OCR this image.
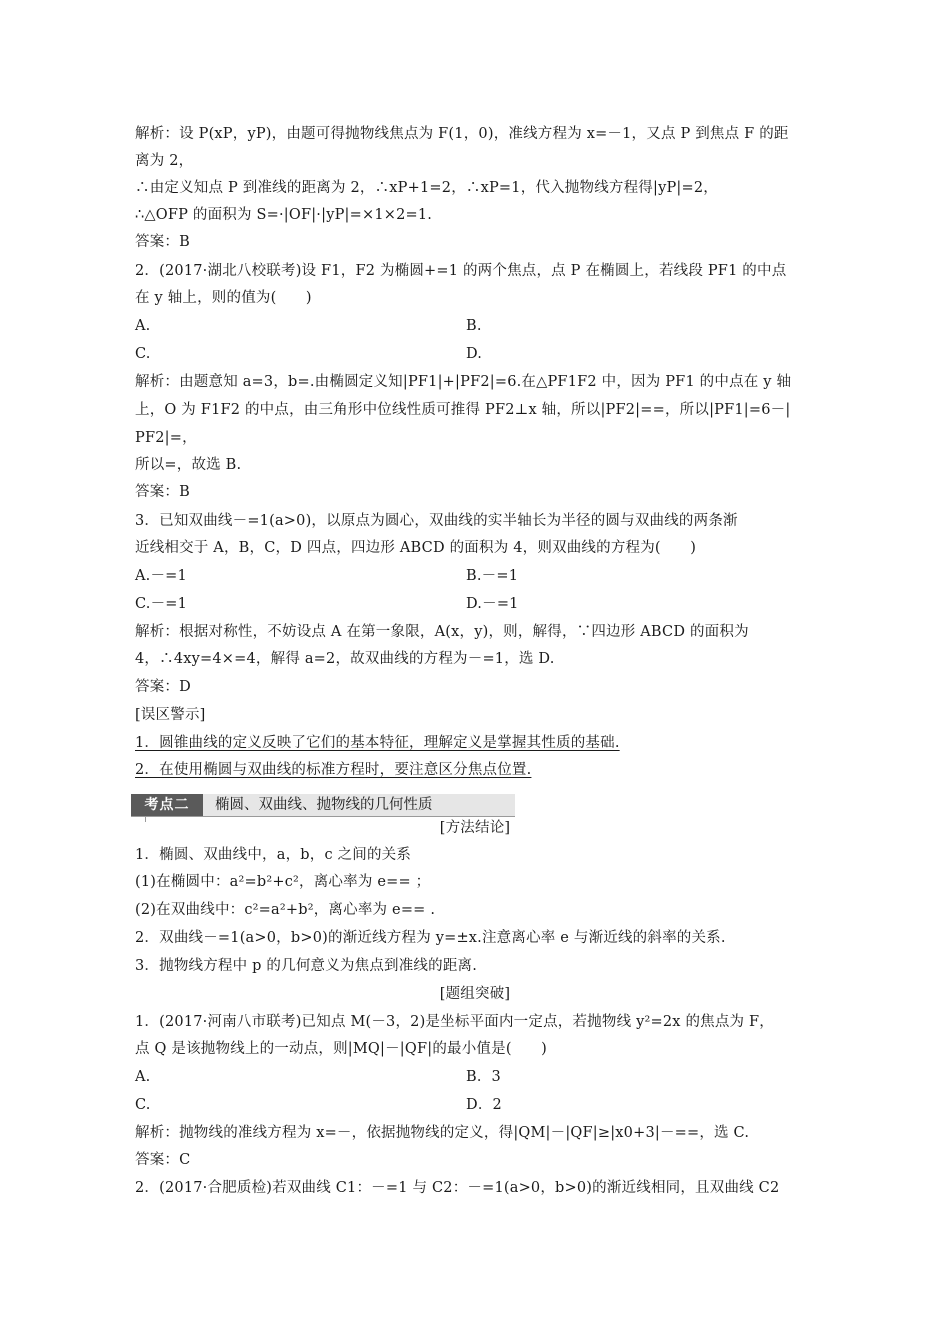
解析：设 P(xP，yP)，由题可得抛物线焦点为 F(1，0)，准线方程为 x=－1，又点 P 到焦点 F 的距
离为 2，
∴由定义知点 P 到准线的距离为 2，∴xP+1=2，∴xP=1，代入抛物线方程得|yP|=2，
∴△OFP 的面积为 S=·|OF|·|yP|=×1×2=1.
答案：B
2．(2017·湖北八校联考)设 F1，F2 为椭圆+=1 的两个焦点，点 P 在椭圆上，若线段 PF1 的中点
在 y 轴上，则的值为(　　)
A.	B.
C.	D.
解析：由题意知 a=3，b=.由椭圆定义知|PF1|+|PF2|=6.在△PF1F2 中，因为 PF1 的中点在 y 轴
上，O 为 F1F2 的中点，由三角形中位线性质可推得 PF2⊥x 轴，所以|PF2|==，所以|PF1|=6－|
PF2|=，
所以=，故选 B.
答案：B
3．已知双曲线－=1(a>0)，以原点为圆心，双曲线的实半轴长为半径的圆与双曲线的两条渐
近线相交于 A，B，C，D 四点，四边形 ABCD 的面积为 4，则双曲线的方程为(　　)
A.－=1	B.－=1
C.－=1	D.－=1
解析：根据对称性，不妨设点 A 在第一象限，A(x，y)，则，解得，∵四边形 ABCD 的面积为
4，∴4xy=4×=4，解得 a=2，故双曲线的方程为－=1，选 D.
答案：D
[误区警示]
1．圆锥曲线的定义反映了它们的基本特征，理解定义是掌握其性质的基础.
2．在使用椭圆与双曲线的标准方程时，要注意区分焦点位置.
考点二	椭圆、双曲线、抛物线的几何性质
[方法结论]
1．椭圆、双曲线中，a，b，c 之间的关系
(1)在椭圆中：a²=b²+c²，离心率为 e== ；
(2)在双曲线中：c²=a²+b²，离心率为 e== .
2．双曲线－=1(a>0，b>0)的渐近线方程为 y=±x.注意离心率 e 与渐近线的斜率的关系.
3．抛物线方程中 p 的几何意义为焦点到准线的距离.
[题组突破]
1．(2017·河南八市联考)已知点 M(－3，2)是坐标平面内一定点，若抛物线 y²=2x 的焦点为 F，
点 Q 是该抛物线上的一动点，则|MQ|－|QF|的最小值是(　　)
A.	B．3
C.	D．2
解析：抛物线的准线方程为 x=－，依据抛物线的定义，得|QM|－|QF|≥|x0+3|－==，选 C.
答案：C
2．(2017·合肥质检)若双曲线 C1：－=1 与 C2：－=1(a>0，b>0)的渐近线相同，且双曲线 C2
